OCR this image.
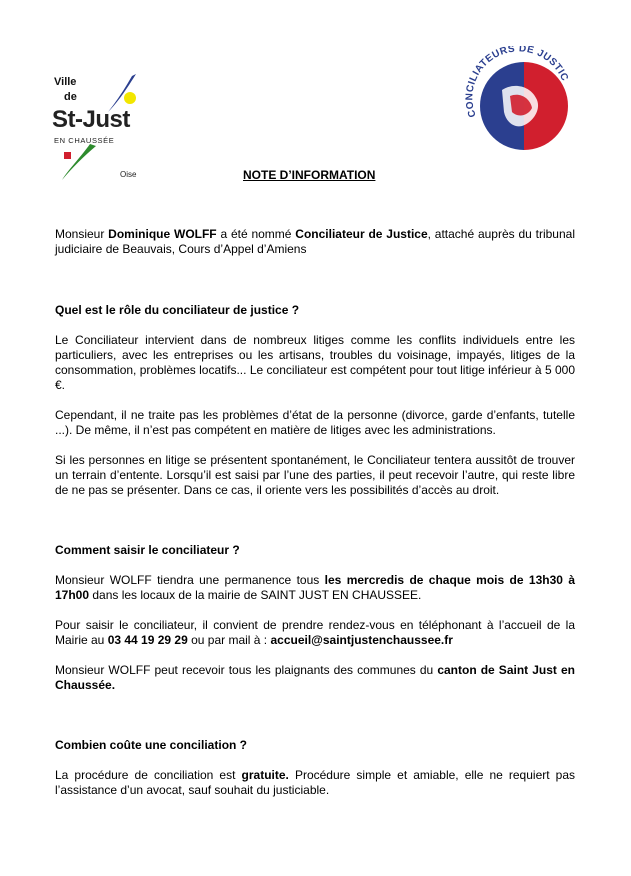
Ville
de
St-Just
EN CHAUSSÉE
Oise
CONCILIATEURS DE JUSTIC
NOTE D’INFORMATION

Monsieur Dominique WOLFF a été nommé Conciliateur de Justice, attaché auprès du tribunal judiciaire de Beauvais, Cours d’Appel d’Amiens

Quel est le rôle du conciliateur de justice ?

Le Conciliateur intervient dans de nombreux litiges comme les conflits individuels entre les particuliers, avec les entreprises ou les artisans, troubles du voisinage, impayés, litiges de la consommation, problèmes locatifs... Le conciliateur est compétent pour tout litige inférieur à 5 000 €.

Cependant, il ne traite pas les problèmes d’état de la personne (divorce, garde d’enfants, tutelle ...). De même, il n’est pas compétent en matière de litiges avec les administrations.

Si les personnes en litige se présentent spontanément, le Conciliateur tentera aussitôt de trouver un terrain d’entente. Lorsqu’il est saisi par l’une des parties, il peut recevoir l’autre, qui reste libre de ne pas se présenter. Dans ce cas, il oriente vers les possibilités d’accès au droit.

Comment saisir le conciliateur ?

Monsieur WOLFF tiendra une permanence tous les mercredis de chaque mois de 13h30 à 17h00 dans les locaux de la mairie de SAINT JUST EN CHAUSSEE.

Pour saisir le conciliateur, il convient de prendre rendez-vous en téléphonant à l’accueil de la Mairie au 03 44 19 29 29 ou par mail à : accueil@saintjustenchaussee.fr

Monsieur WOLFF peut recevoir tous les plaignants des communes du canton de Saint Just en Chaussée.

Combien coûte une conciliation ?

La procédure de conciliation est gratuite. Procédure simple et amiable, elle ne requiert pas l’assistance d’un avocat, sauf souhait du justiciable.
